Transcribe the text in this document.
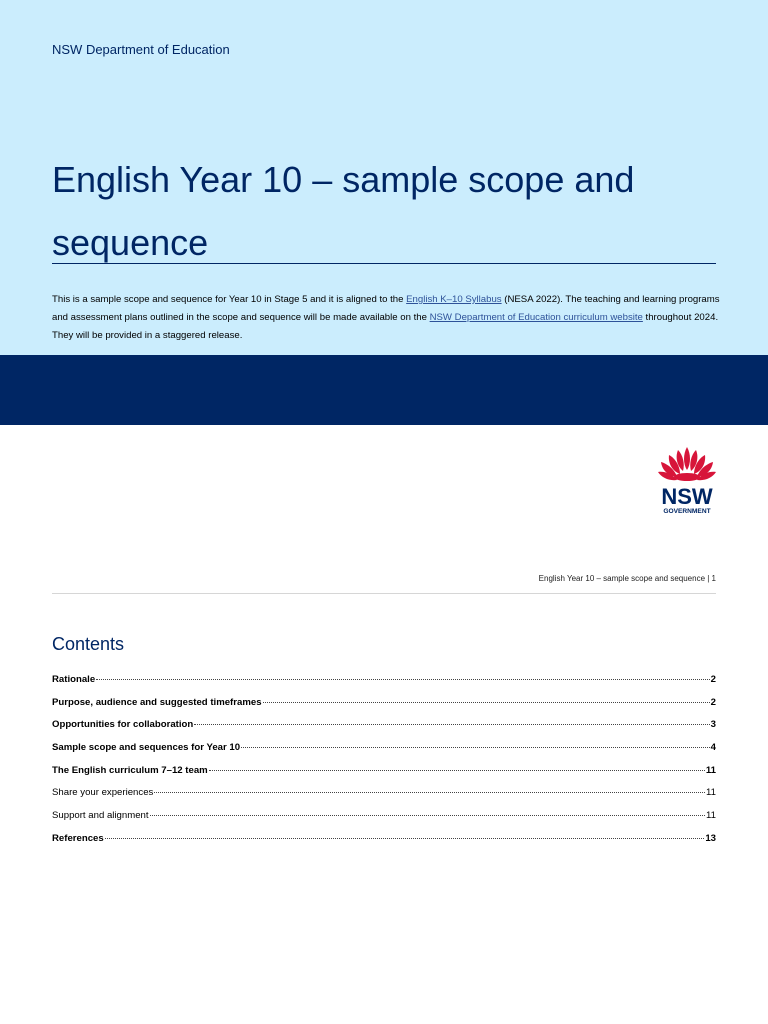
NSW Department of Education
English Year 10 – sample scope and sequence

This is a sample scope and sequence for Year 10 in Stage 5 and it is aligned to the English K–10 Syllabus (NESA 2022). The teaching and learning programs and assessment plans outlined in the scope and sequence will be made available on the NSW Department of Education curriculum website throughout 2024. They will be provided in a staggered release.

NSW
GOVERNMENT
English Year 10 – sample scope and sequence | 1
Contents
Rationale	2
Purpose, audience and suggested timeframes	2
Opportunities for collaboration	3
Sample scope and sequences for Year 10	4
The English curriculum 7–12 team	11
Share your experiences	11
Support and alignment	11
References	13
